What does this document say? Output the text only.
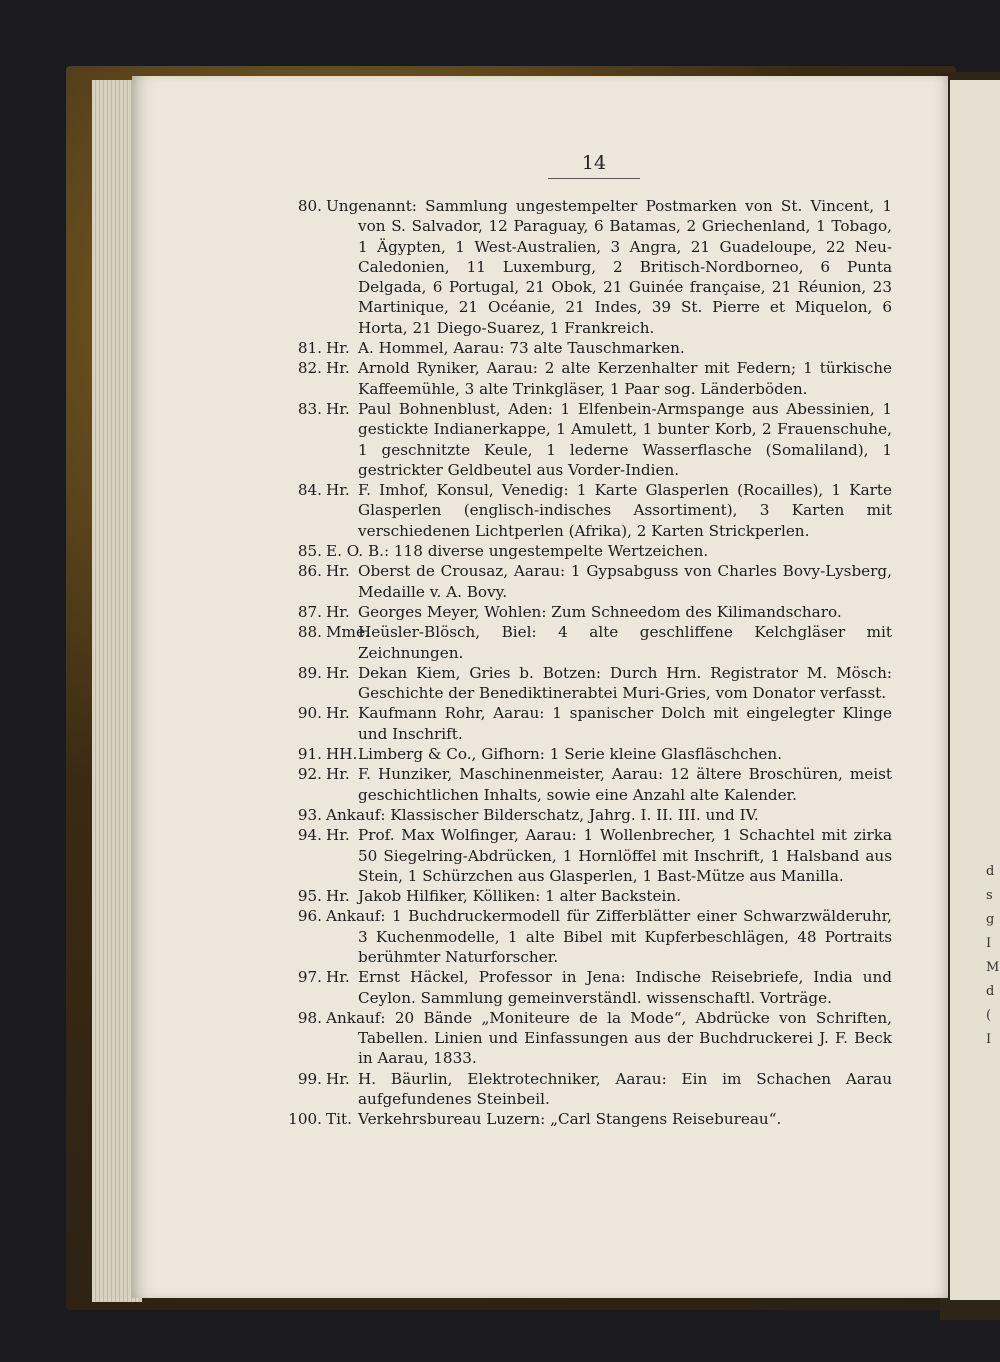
d
s
g
I
M
d
(
I
14
80. Ungenannt: Sammlung ungestempelter Postmarken von St. Vincent, 1 von S. Salvador, 12 Paraguay, 6 Batamas, 2 Griechenland, 1 Tobago, 1 Ägypten, 1 West-Australien, 3 Angra, 21 Guadeloupe, 22 Neu-Caledonien, 11 Luxemburg, 2 Britisch-Nordborneo, 6 Punta Delgada, 6 Portugal, 21 Obok, 21 Guinée française, 21 Réunion, 23 Martinique, 21 Océanie, 21 Indes, 39 St. Pierre et Miquelon, 6 Horta, 21 Diego-Suarez, 1 Frankreich.
81. Hr. A. Hommel, Aarau: 73 alte Tauschmarken.
82. Hr. Arnold Ryniker, Aarau: 2 alte Kerzenhalter mit Federn; 1 türkische Kaffeemühle, 3 alte Trinkgläser, 1 Paar sog. Länderböden.
83. Hr. Paul Bohnenblust, Aden: 1 Elfenbein-Armspange aus Abessinien, 1 gestickte Indianerkappe, 1 Amulett, 1 bunter Korb, 2 Frauenschuhe, 1 geschnitzte Keule, 1 lederne Wasserflasche (Somaliland), 1 gestrickter Geldbeutel aus Vorder-Indien.
84. Hr. F. Imhof, Konsul, Venedig: 1 Karte Glasperlen (Rocailles), 1 Karte Glasperlen (englisch-indisches Assortiment), 3 Karten mit verschiedenen Lichtperlen (Afrika), 2 Karten Strickperlen.
85. E. O. B.: 118 diverse ungestempelte Wertzeichen.
86. Hr. Oberst de Crousaz, Aarau: 1 Gypsabguss von Charles Bovy-Lysberg, Medaille v. A. Bovy.
87. Hr. Georges Meyer, Wohlen: Zum Schneedom des Kilimandscharo.
88. Mme.
Heüsler-Blösch, Biel: 4 alte geschliffene Kelchgläser mit Zeichnungen.
89. Hr. Dekan Kiem, Gries b. Botzen: Durch Hrn. Registrator M. Mösch: Geschichte der Benediktinerabtei Muri-Gries, vom Donator verfasst.
90. Hr. Kaufmann Rohr, Aarau: 1 spanischer Dolch mit eingelegter Klinge und Inschrift.
91. HH. Limberg & Co., Gifhorn: 1 Serie kleine Glasfläschchen.
92. Hr. F. Hunziker, Maschinenmeister, Aarau: 12 ältere Broschüren, meist geschichtlichen Inhalts, sowie eine Anzahl alte Kalender.
93. Ankauf: Klassischer Bilderschatz, Jahrg. I. II. III. und IV.
94. Hr. Prof. Max Wolfinger, Aarau: 1 Wollenbrecher, 1 Schachtel mit zirka 50 Siegelring-Abdrücken, 1 Hornlöffel mit Inschrift, 1 Halsband aus Stein, 1 Schürzchen aus Glasperlen, 1 Bast-Mütze aus Manilla.
95. Hr. Jakob Hilfiker, Kölliken: 1 alter Backstein.
96. Ankauf: 1 Buchdruckermodell für Zifferblätter einer Schwarzwälderuhr, 3 Kuchenmodelle, 1 alte Bibel mit Kupferbeschlägen, 48 Portraits berühmter Naturforscher.
97. Hr. Ernst Häckel, Professor in Jena: Indische Reisebriefe, India und Ceylon. Sammlung gemeinverständl. wissenschaftl. Vorträge.
98. Ankauf: 20 Bände „Moniteure de la Mode“, Abdrücke von Schriften, Tabellen. Linien und Einfassungen aus der Buchdruckerei J. F. Beck in Aarau, 1833.
99. Hr. H. Bäurlin, Elektrotechniker, Aarau: Ein im Schachen Aarau aufgefundenes Steinbeil.
100. Tit. Verkehrsbureau Luzern: „Carl Stangens Reisebureau“.
